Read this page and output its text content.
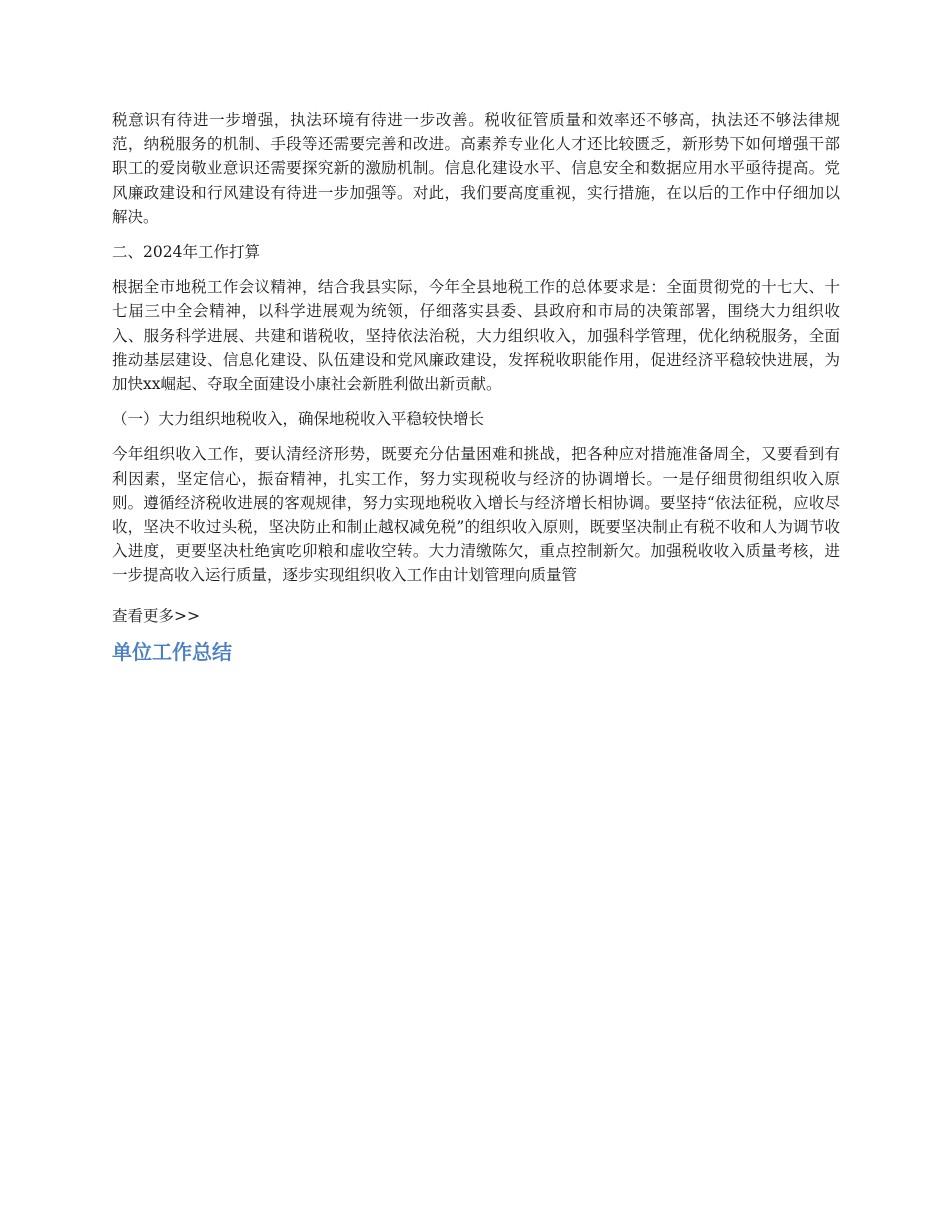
税意识有待进一步增强，执法环境有待进一步改善。税收征管质量和效率还不够高，执法还不够法律规范，纳税服务的机制、手段等还需要完善和改进。高素养专业化人才还比较匮乏，新形势下如何增强干部职工的爱岗敬业意识还需要探究新的激励机制。信息化建设水平、信息安全和数据应用水平亟待提高。党风廉政建设和行风建设有待进一步加强等。对此，我们要高度重视，实行措施，在以后的工作中仔细加以解决。

二、2024年工作打算

根据全市地税工作会议精神，结合我县实际，今年全县地税工作的总体要求是：全面贯彻党的十七大、十七届三中全会精神，以科学进展观为统领，仔细落实县委、县政府和市局的决策部署，围绕大力组织收入、服务科学进展、共建和谐税收，坚持依法治税，大力组织收入，加强科学管理，优化纳税服务，全面推动基层建设、信息化建设、队伍建设和党风廉政建设，发挥税收职能作用，促进经济平稳较快进展，为加快xx崛起、夺取全面建设小康社会新胜利做出新贡献。

（一）大力组织地税收入，确保地税收入平稳较快增长

今年组织收入工作，要认清经济形势，既要充分估量困难和挑战，把各种应对措施准备周全，又要看到有利因素，坚定信心，振奋精神，扎实工作，努力实现税收与经济的协调增长。一是仔细贯彻组织收入原则。遵循经济税收进展的客观规律，努力实现地税收入增长与经济增长相协调。要坚持“依法征税，应收尽收，坚决不收过头税，坚决防止和制止越权减免税”的组织收入原则，既要坚决制止有税不收和人为调节收入进度，更要坚决杜绝寅吃卯粮和虚收空转。大力清缴陈欠，重点控制新欠。加强税收收入质量考核，进一步提高收入运行质量，逐步实现组织收入工作由计划管理向质量管

查看更多>>
单位工作总结
